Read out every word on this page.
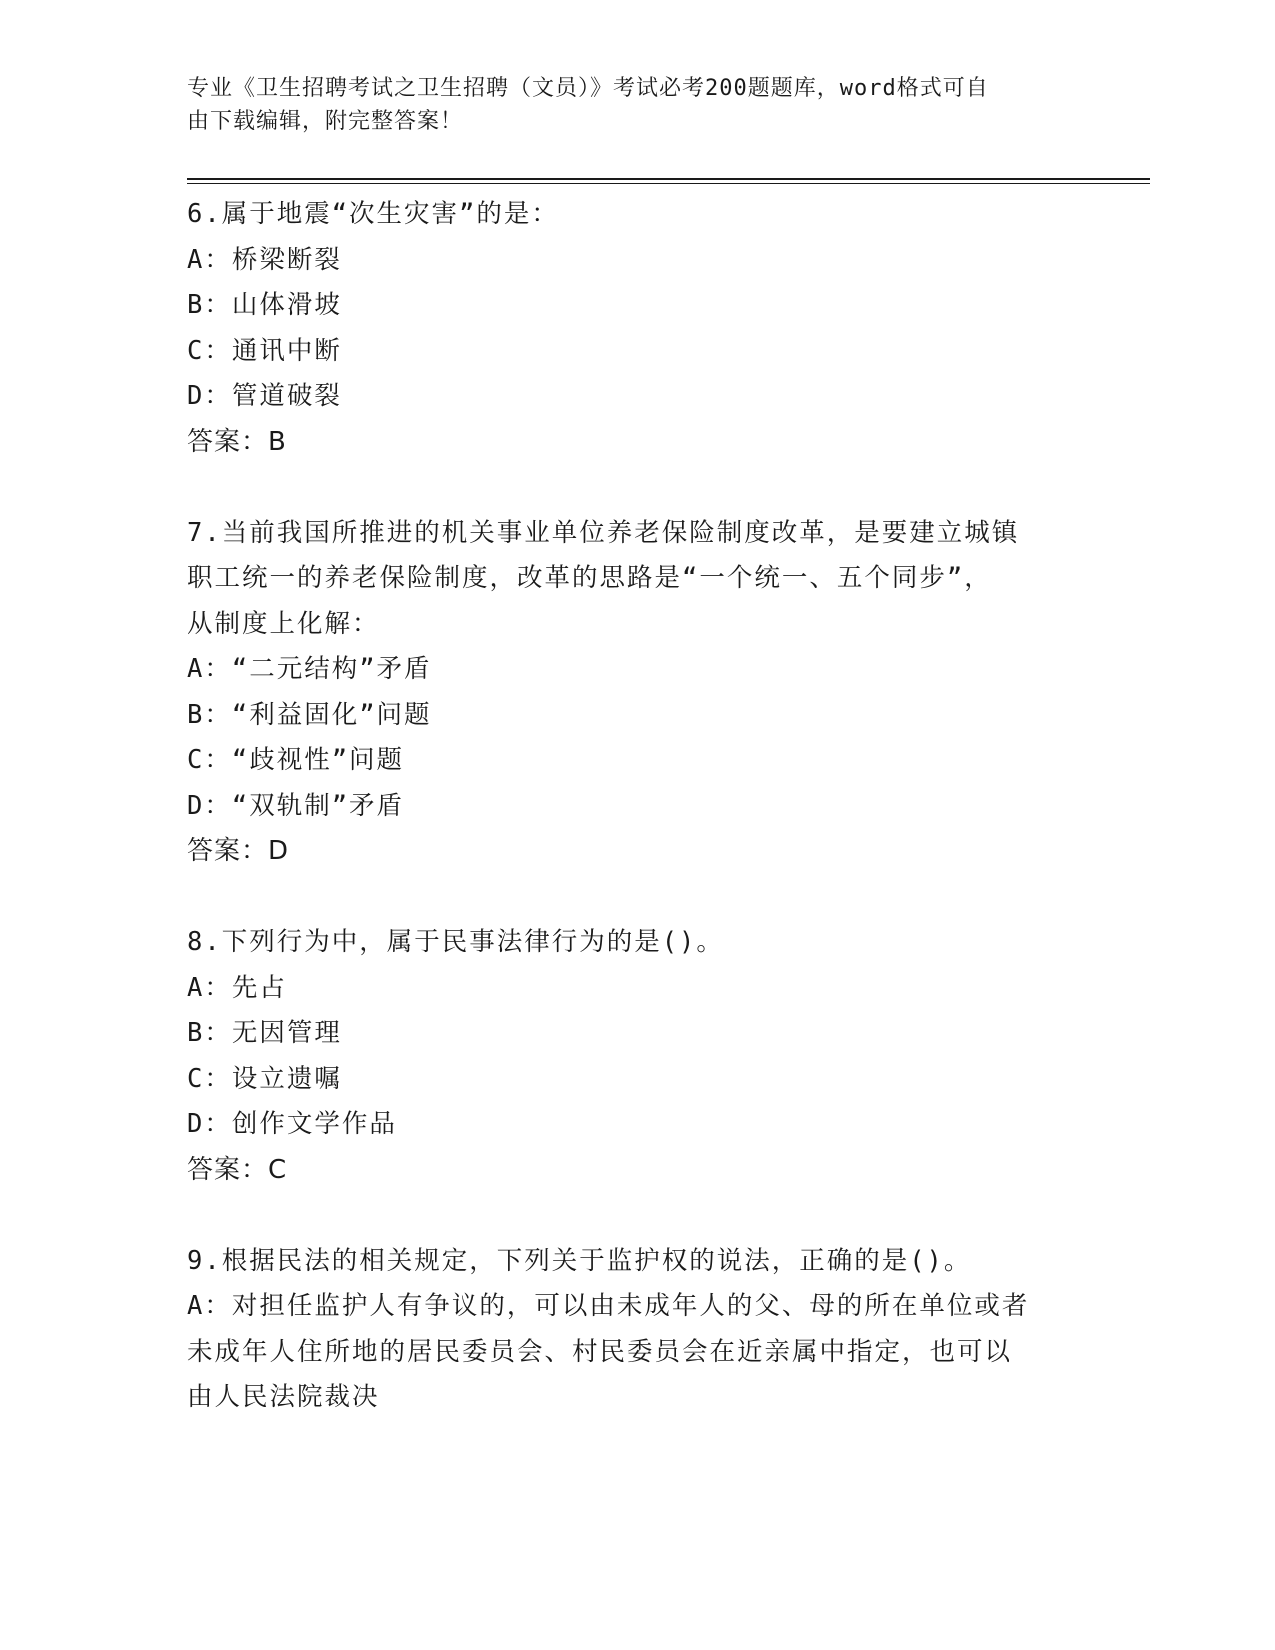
专业《卫生招聘考试之卫生招聘（文员）》考试必考200题题库，word格式可自
由下载编辑，附完整答案！
6.属于地震“次生灾害”的是：
A：桥梁断裂
B：山体滑坡
C：通讯中断
D：管道破裂
答案：B
7.当前我国所推进的机关事业单位养老保险制度改革，是要建立城镇
职工统一的养老保险制度，改革的思路是“一个统一、五个同步”，
从制度上化解：
A：“二元结构”矛盾
B：“利益固化”问题
C：“歧视性”问题
D：“双轨制”矛盾
答案：D
8.下列行为中，属于民事法律行为的是()。
A：先占
B：无因管理
C：设立遗嘱
D：创作文学作品
答案：C
9.根据民法的相关规定，下列关于监护权的说法，正确的是()。
A：对担任监护人有争议的，可以由未成年人的父、母的所在单位或者
未成年人住所地的居民委员会、村民委员会在近亲属中指定，也可以
由人民法院裁决
